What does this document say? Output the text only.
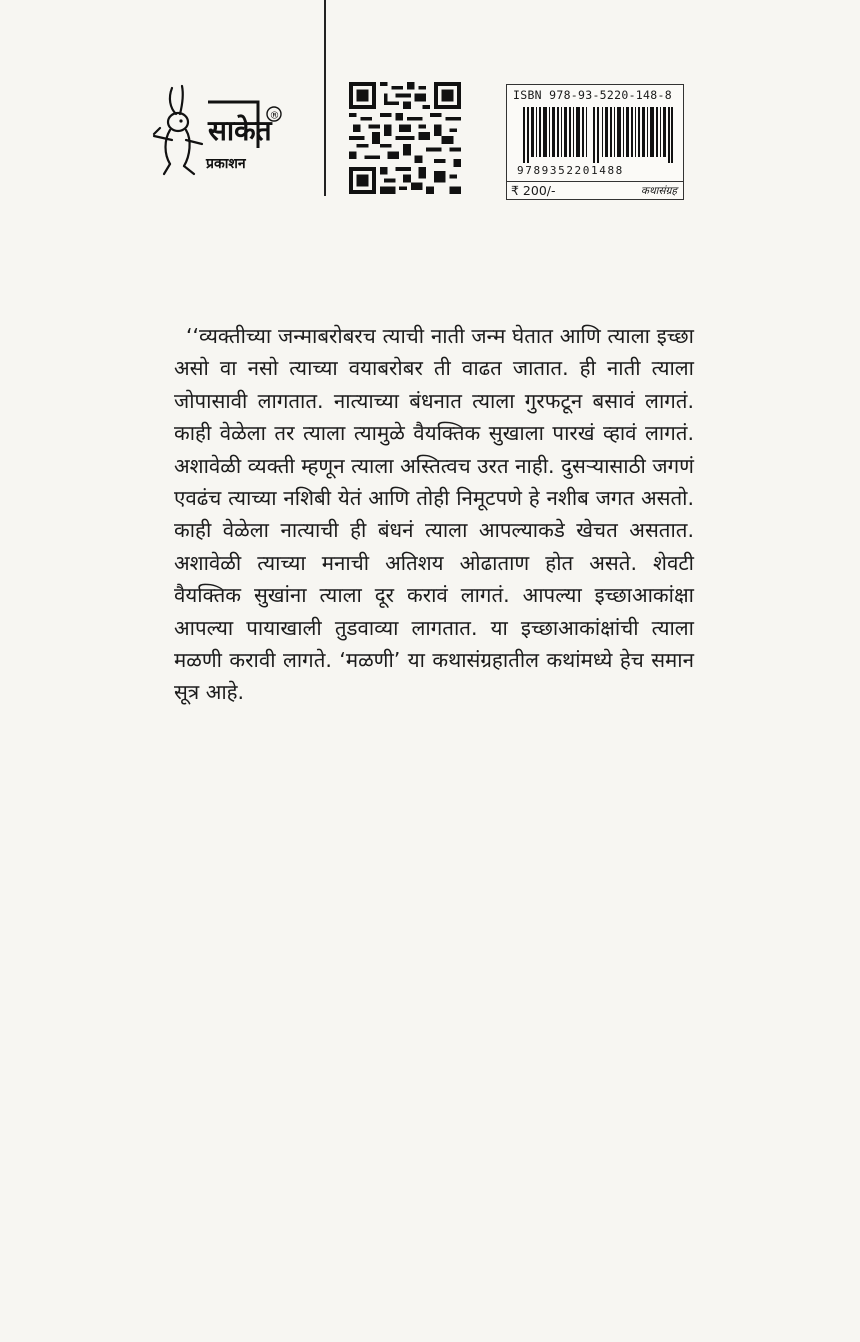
साकेत
प्रकाशन
®
ISBN 978-93-5220-148-8
9789352201488
₹ 200/-	कथासंग्रह

‘‘व्यक्तीच्या जन्माबरोबरच त्याची नाती जन्म घेतात आणि त्याला इच्छा असो वा नसो त्याच्या वयाबरोबर ती वाढत जातात. ही नाती त्याला जोपासावी लागतात. नात्याच्या बंधनात त्याला गुरफटून बसावं लागतं. काही वेळेला तर त्याला त्यामुळे वैयक्तिक सुखाला पारखं व्हावं लागतं. अशावेळी व्यक्ती म्हणून त्याला अस्तित्वच उरत नाही. दुसऱ्यासाठी जगणं एवढंच त्याच्या नशिबी येतं आणि तोही निमूटपणे हे नशीब जगत असतो. काही वेळेला नात्याची ही बंधनं त्याला आपल्याकडे खेचत असतात. अशावेळी त्याच्या मनाची अतिशय ओढाताण होत असते. शेवटी वैयक्तिक सुखांना त्याला दूर करावं लागतं. आपल्या इच्छाआकांक्षा आपल्या पायाखाली तुडवाव्या लागतात. या इच्छाआकांक्षांची त्याला मळणी करावी लागते. ‘मळणी’ या कथासंग्रहातील कथांमध्ये हेच समान सूत्र आहे.
